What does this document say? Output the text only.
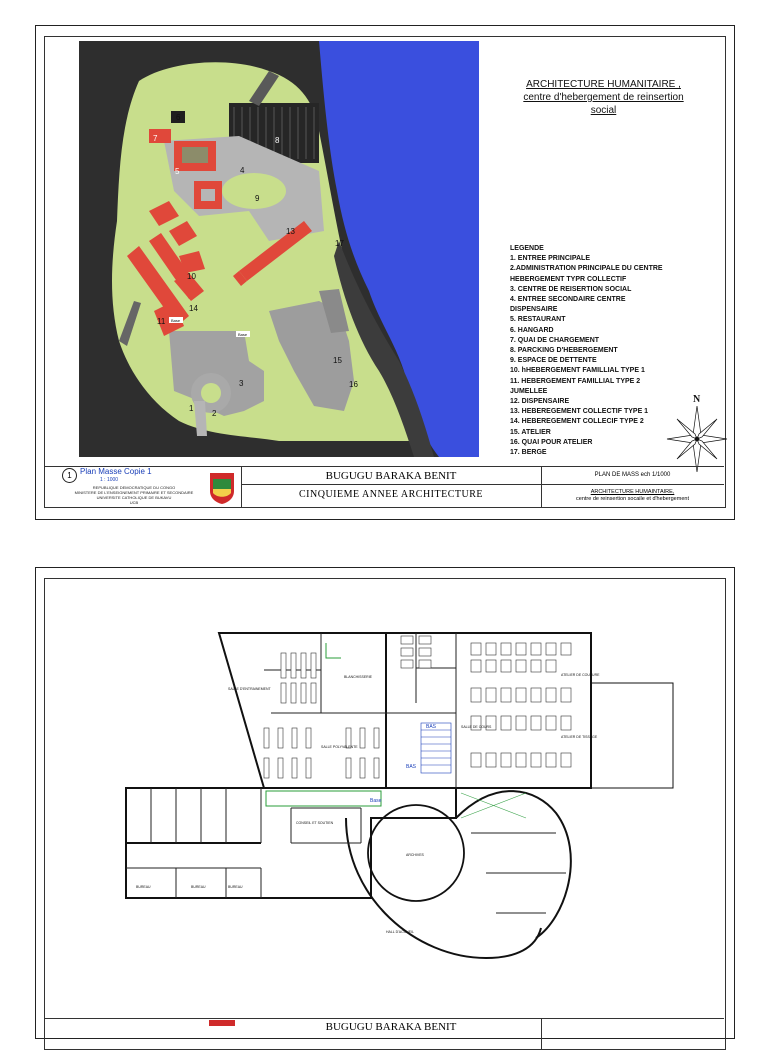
1
2
3
4
5
6
7	8
9
10
11
13
14
15
16
17
Base
Base
ARCHITECTURE HUMANITAIRE ,
centre d'hebergement de reinsertion
social
LEGENDE
1. ENTREE PRINCIPALE
2.ADMINISTRATION PRINCIPALE DU CENTRE
HEBERGEMENT TYPR COLLECTIF
3. CENTRE DE REISERTION SOCIAL
4. ENTREE SECONDAIRE CENTRE
DISPENSAIRE
5. RESTAURANT
6. HANGARD
7. QUAI DE CHARGEMENT
8. PARCKING D'HEBERGEMENT
9. ESPACE DE DETTENTE
10. hHEBERGEMENT FAMILLIAL TYPE 1
11. HEBERGEMENT FAMILLIAL TYPE 2
JUMELLEE
12. DISPENSAIRE
13. HEBEREGEMENT COLLECTIF TYPE 1
14. HEBEREGEMENT COLLECIF TYPE 2
15. ATELIER
16. QUAI POUR ATELIER
17. BERGE
N
1	Plan Masse Copie 1
1 : 1000
REPUBLIQUE DEMOCRATIQUE DU CONGO
MINISTERE DE L'ENSEIGNEMENT PRIMAIRE ET SECONDAIRE
UNIVERSITE CATHOLIQUE DE BUKAVU
UCB
BUGUGU BARAKA BENIT
CINQUIEME ANNEE ARCHITECTURE
PLAN DE MASS ech 1/1000
ARCHITECTURE HUMAINTAIRE,
centre de reinsertion socaile et d'hebergement
SALLE D'ENTRAINEMENT
BLANCHISSERIE
SALLE DE COURS
ATELIER DE COUTURE
ATELIER DE TISSAGE
SALLE POLYVALENTE
CONSEIL ET SOUTIEN
BUREAU	BUREAU	BUREAU
ARCHIVES
HALL D'ACCUEIL
Base
BAS
BAS
BUGUGU BARAKA BENIT
